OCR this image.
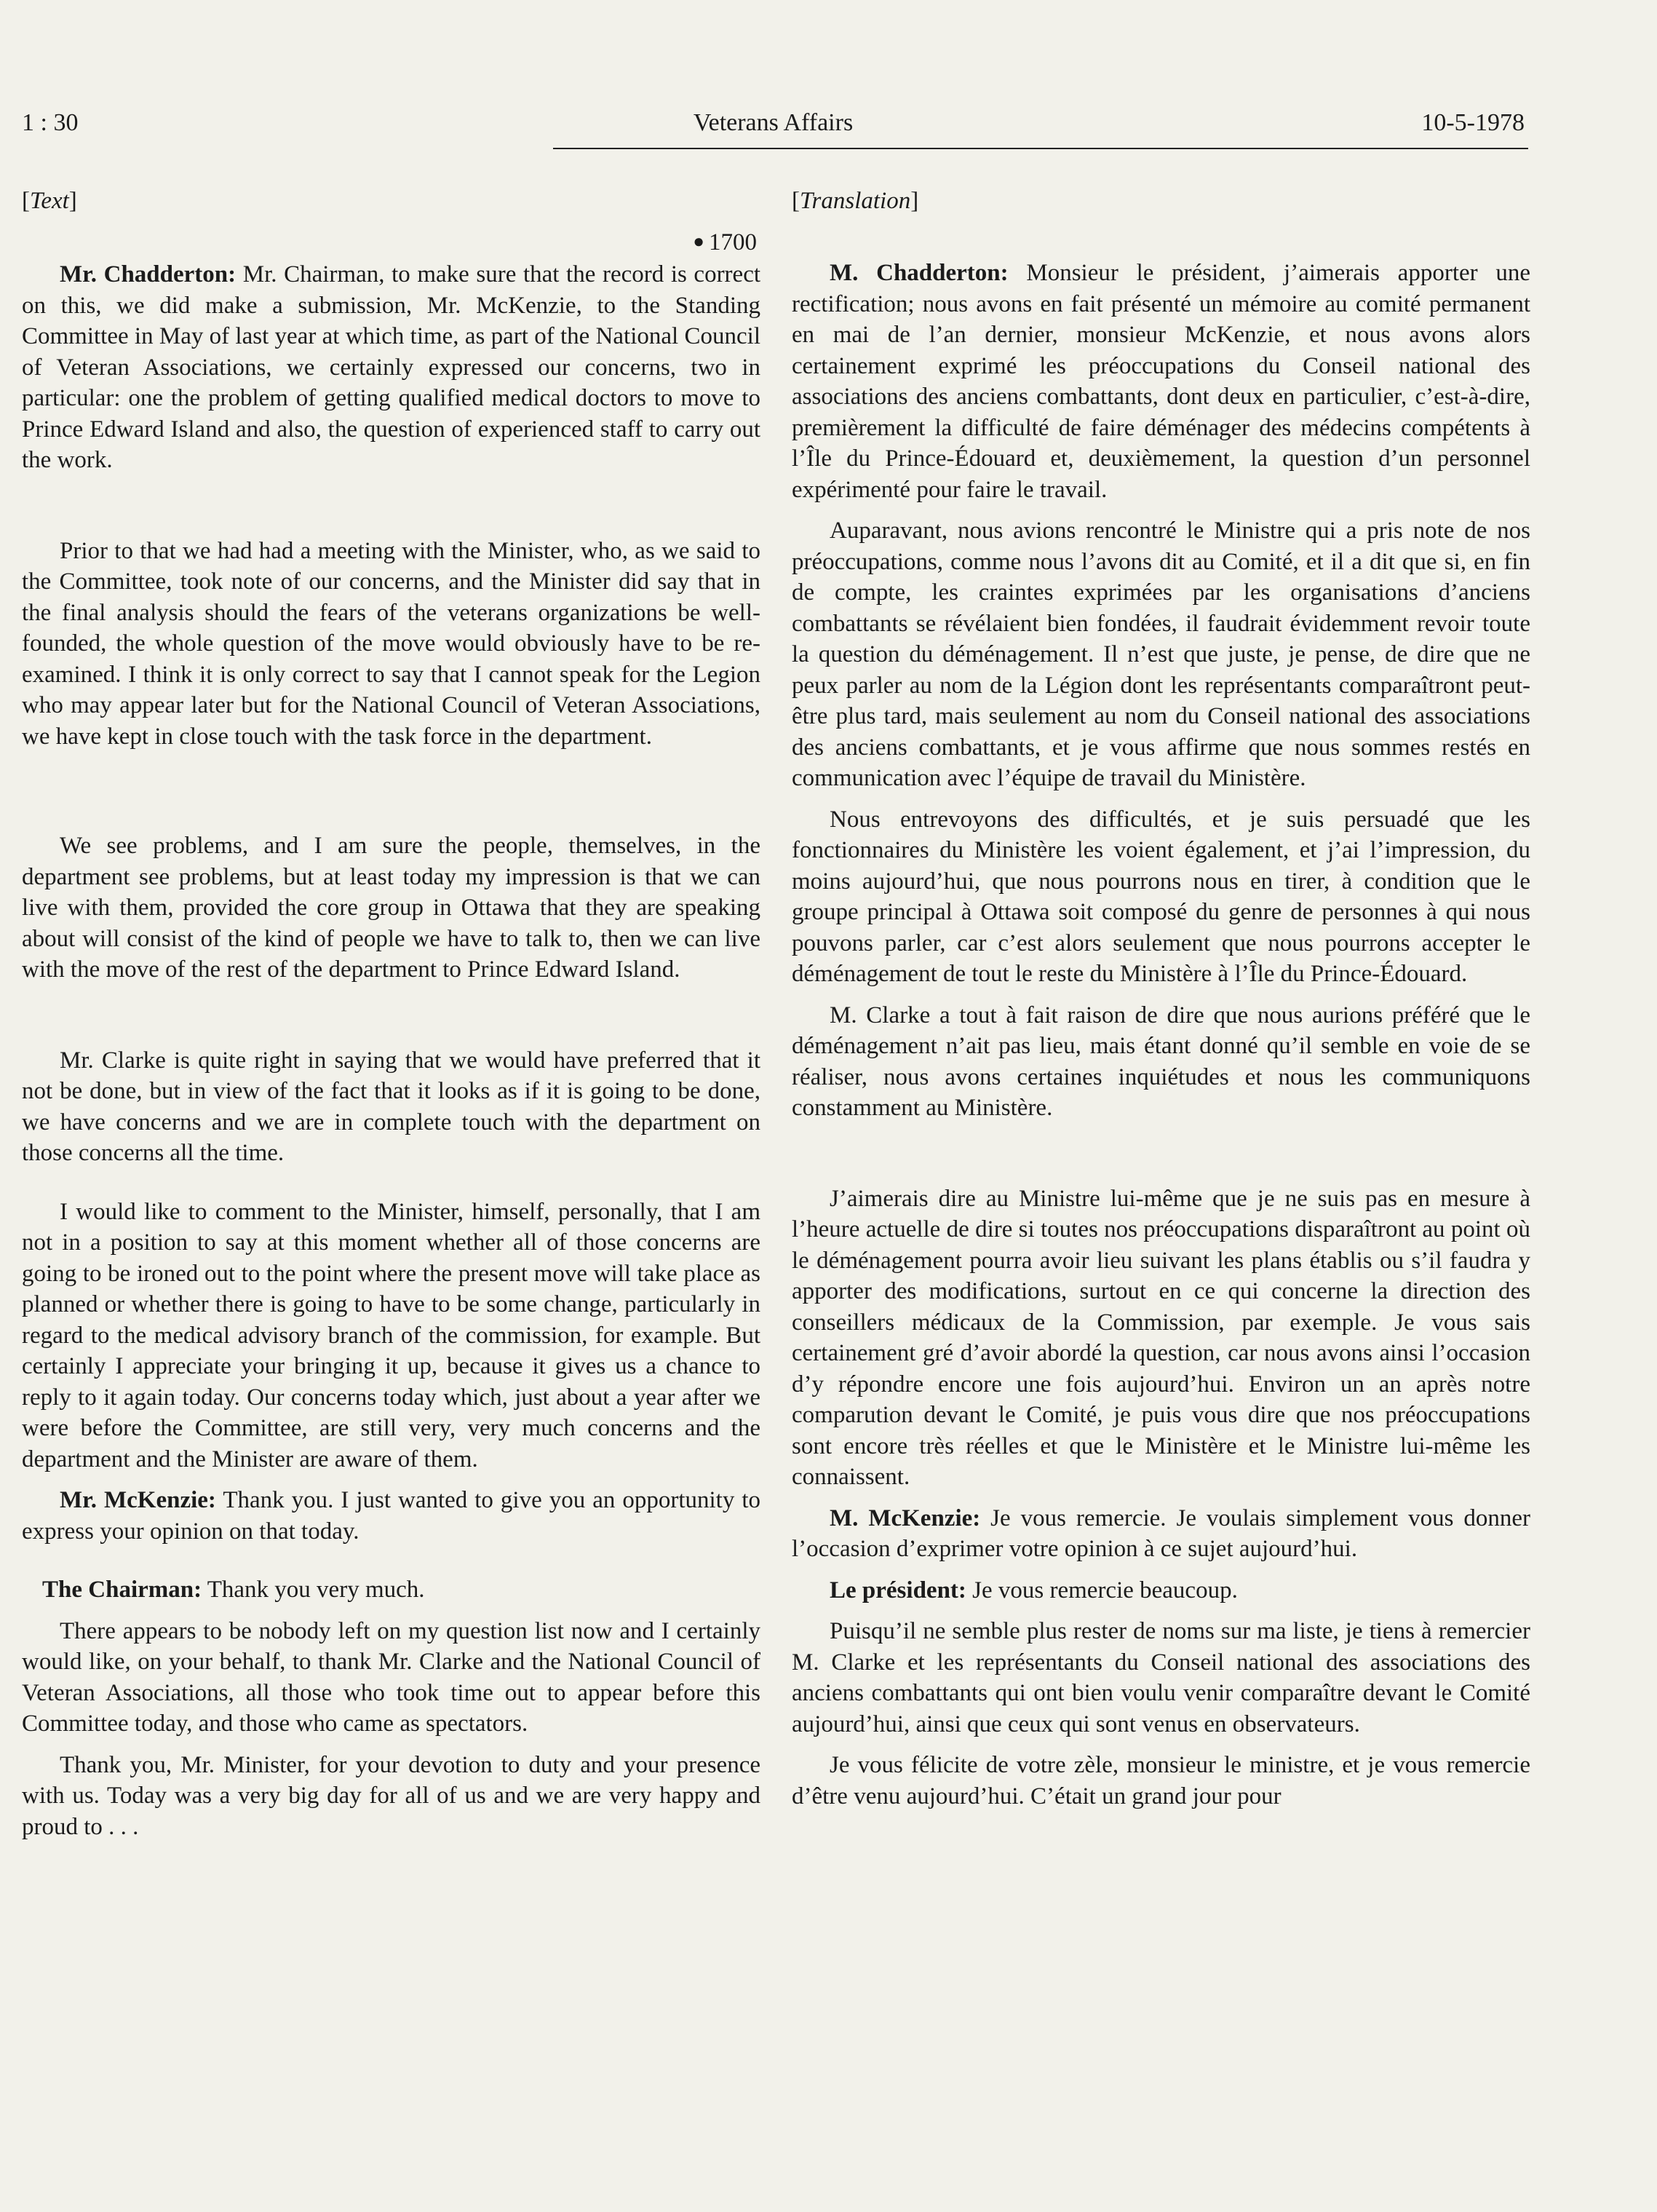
1 : 30	Veterans Affairs	10-5-1978
[Text]
● 1700

Mr. Chadderton: Mr. Chairman, to make sure that the record is correct on this, we did make a submission, Mr. McKenzie, to the Standing Committee in May of last year at which time, as part of the National Council of Veteran Associations, we certainly expressed our concerns, two in particular: one the problem of getting qualified medical doctors to move to Prince Edward Island and also, the question of experienced staff to carry out the work.

Prior to that we had had a meeting with the Minister, who, as we said to the Committee, took note of our concerns, and the Minister did say that in the final analysis should the fears of the veterans organizations be well-founded, the whole question of the move would obviously have to be re-examined. I think it is only correct to say that I cannot speak for the Legion who may appear later but for the National Council of Veteran Associations, we have kept in close touch with the task force in the department.

We see problems, and I am sure the people, themselves, in the department see problems, but at least today my impression is that we can live with them, provided the core group in Ottawa that they are speaking about will consist of the kind of people we have to talk to, then we can live with the move of the rest of the department to Prince Edward Island.

Mr. Clarke is quite right in saying that we would have preferred that it not be done, but in view of the fact that it looks as if it is going to be done, we have concerns and we are in complete touch with the department on those concerns all the time.

I would like to comment to the Minister, himself, personally, that I am not in a position to say at this moment whether all of those concerns are going to be ironed out to the point where the present move will take place as planned or whether there is going to have to be some change, particularly in regard to the medical advisory branch of the commission, for example. But certainly I appreciate your bringing it up, because it gives us a chance to reply to it again today. Our concerns today which, just about a year after we were before the Committee, are still very, very much concerns and the department and the Minister are aware of them.

Mr. McKenzie: Thank you. I just wanted to give you an opportunity to express your opinion on that today.

The Chairman: Thank you very much.

There appears to be nobody left on my question list now and I certainly would like, on your behalf, to thank Mr. Clarke and the National Council of Veteran Associations, all those who took time out to appear before this Committee today, and those who came as spectators.

Thank you, Mr. Minister, for your devotion to duty and your presence with us. Today was a very big day for all of us and we are very happy and proud to . . .

[Translation]

M. Chadderton: Monsieur le président, j’aimerais apporter une rectification; nous avons en fait présenté un mémoire au comité permanent en mai de l’an dernier, monsieur McKenzie, et nous avons alors certainement exprimé les préoccupations du Conseil national des associations des anciens combattants, dont deux en particulier, c’est-à-dire, premièrement la difficulté de faire déménager des médecins compétents à l’Île du Prince-Édouard et, deuxièmement, la question d’un personnel expérimenté pour faire le travail.

Auparavant, nous avions rencontré le Ministre qui a pris note de nos préoccupations, comme nous l’avons dit au Comité, et il a dit que si, en fin de compte, les craintes exprimées par les organisations d’anciens combattants se révélaient bien fondées, il faudrait évidemment revoir toute la question du déménagement. Il n’est que juste, je pense, de dire que ne peux parler au nom de la Légion dont les représentants comparaîtront peut-être plus tard, mais seulement au nom du Conseil national des associations des anciens combattants, et je vous affirme que nous sommes restés en communication avec l’équipe de travail du Ministère.

Nous entrevoyons des difficultés, et je suis persuadé que les fonctionnaires du Ministère les voient également, et j’ai l’impression, du moins aujourd’hui, que nous pourrons nous en tirer, à condition que le groupe principal à Ottawa soit composé du genre de personnes à qui nous pouvons parler, car c’est alors seulement que nous pourrons accepter le déménagement de tout le reste du Ministère à l’Île du Prince-Édouard.

M. Clarke a tout à fait raison de dire que nous aurions préféré que le déménagement n’ait pas lieu, mais étant donné qu’il semble en voie de se réaliser, nous avons certaines inquiétudes et nous les communiquons constamment au Ministère.

J’aimerais dire au Ministre lui-même que je ne suis pas en mesure à l’heure actuelle de dire si toutes nos préoccupations disparaîtront au point où le déménagement pourra avoir lieu suivant les plans établis ou s’il faudra y apporter des modifications, surtout en ce qui concerne la direction des conseillers médicaux de la Commission, par exemple. Je vous sais certainement gré d’avoir abordé la question, car nous avons ainsi l’occasion d’y répondre encore une fois aujourd’hui. Environ un an après notre comparution devant le Comité, je puis vous dire que nos préoccupations sont encore très réelles et que le Ministère et le Ministre lui-même les connaissent.

M. McKenzie: Je vous remercie. Je voulais simplement vous donner l’occasion d’exprimer votre opinion à ce sujet aujourd’hui.

Le président: Je vous remercie beaucoup.

Puisqu’il ne semble plus rester de noms sur ma liste, je tiens à remercier M. Clarke et les représentants du Conseil national des associations des anciens combattants qui ont bien voulu venir comparaître devant le Comité aujourd’hui, ainsi que ceux qui sont venus en observateurs.

Je vous félicite de votre zèle, monsieur le ministre, et je vous remercie d’être venu aujourd’hui. C’était un grand jour pour
